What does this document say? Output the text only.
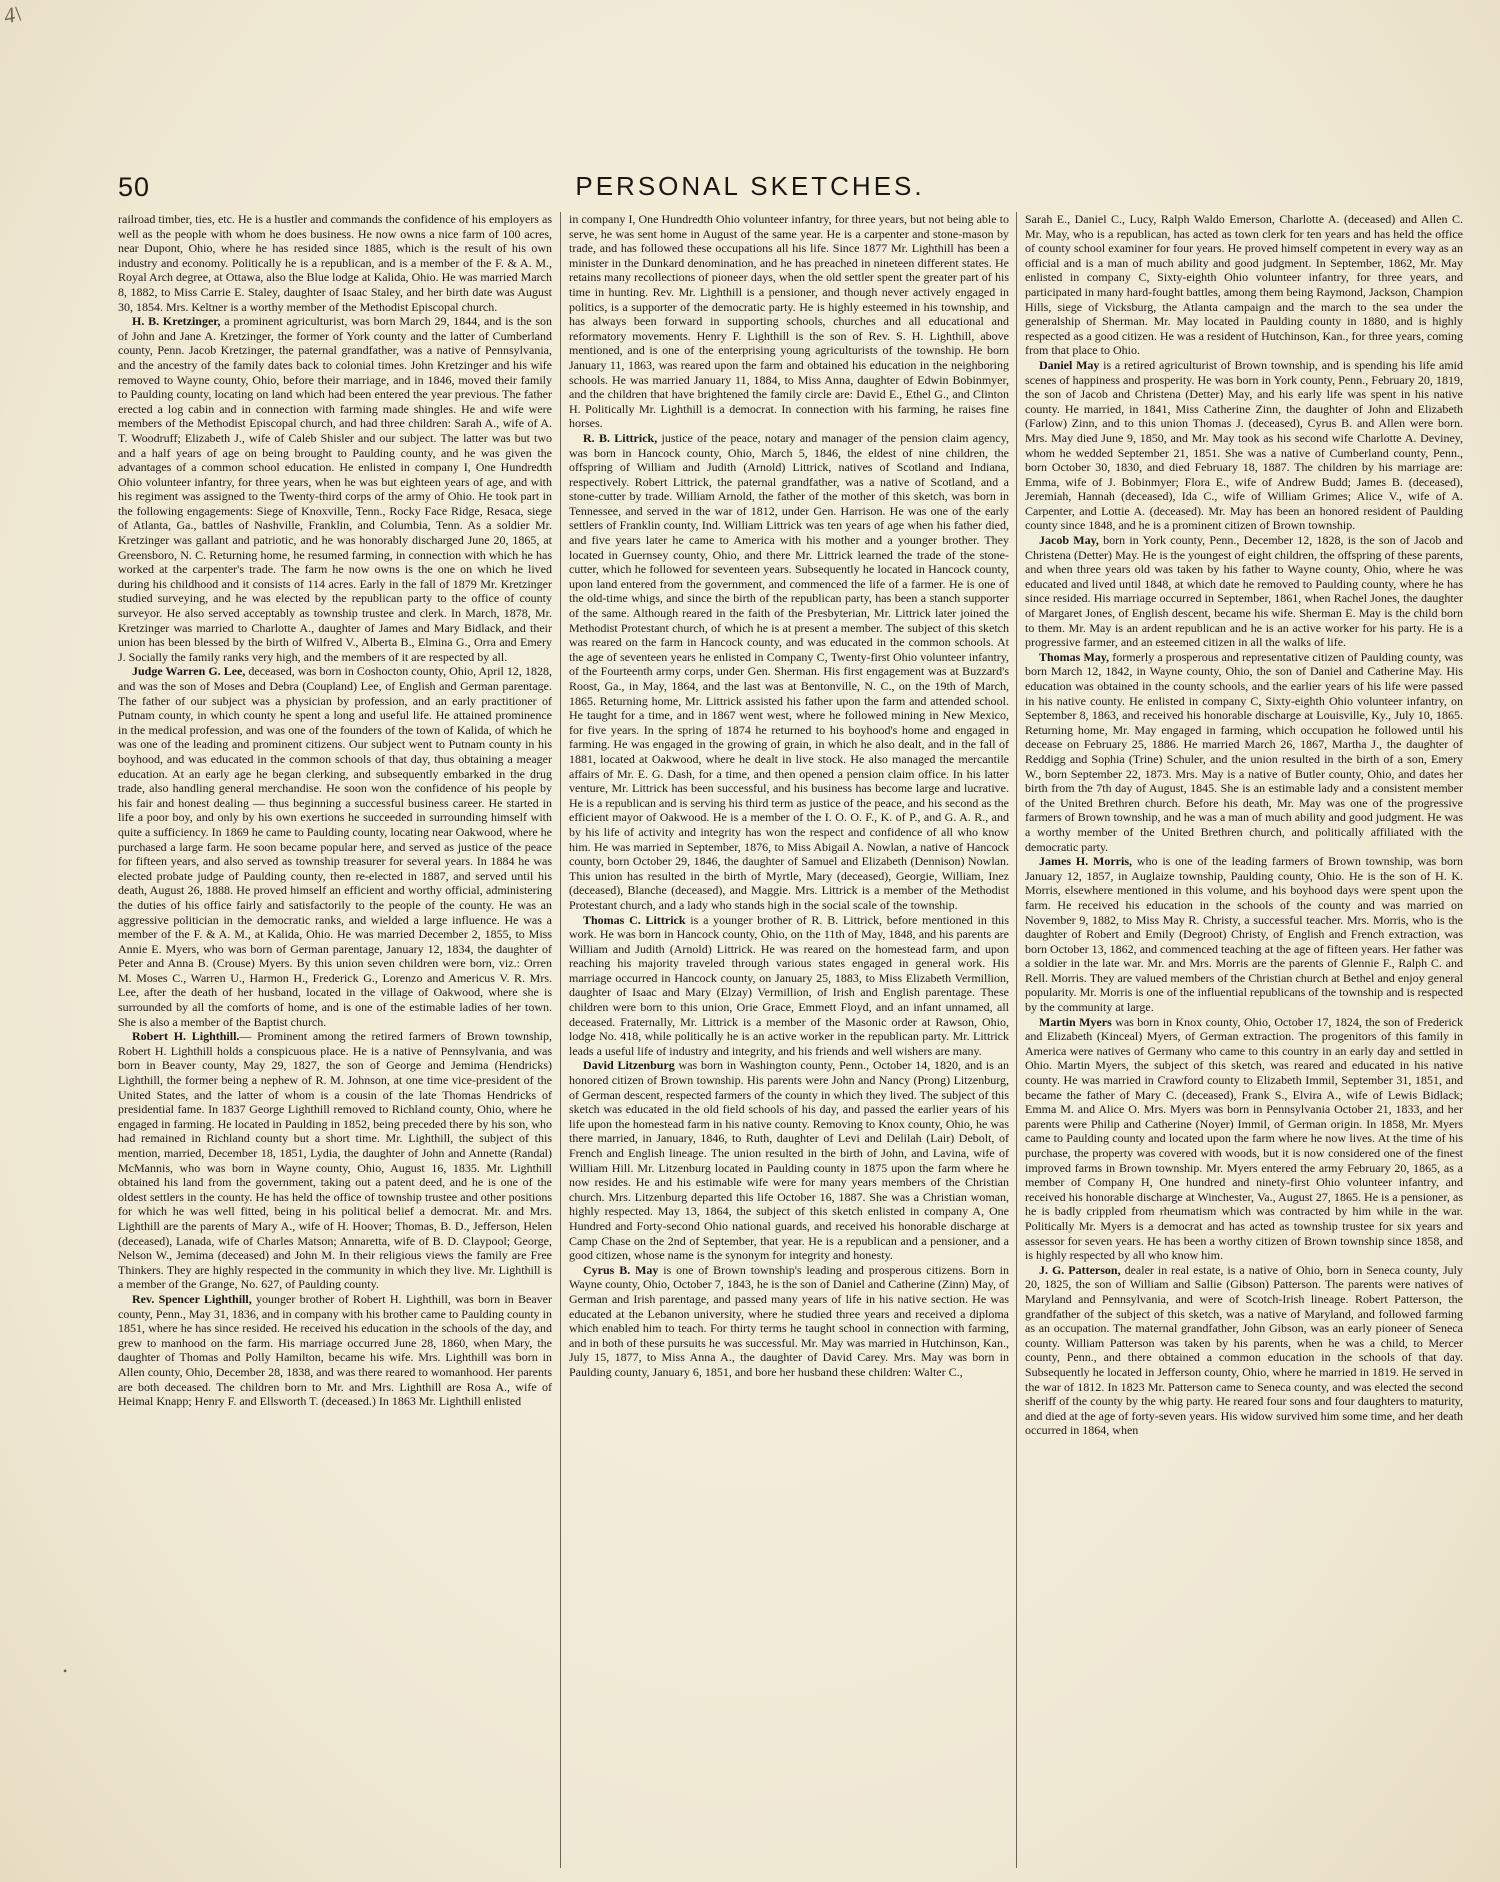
4\
50	PERSONAL SKETCHES.

railroad timber, ties, etc. He is a hustler and commands the confidence of his employers as well as the people with whom he does business. He now owns a nice farm of 100 acres, near Dupont, Ohio, where he has resided since 1885, which is the result of his own industry and economy. Politically he is a republican, and is a member of the F. & A. M., Royal Arch degree, at Ottawa, also the Blue lodge at Kalida, Ohio. He was married March 8, 1882, to Miss Carrie E. Staley, daughter of Isaac Staley, and her birth date was August 30, 1854. Mrs. Keltner is a worthy member of the Methodist Episcopal church.

H. B. Kretzinger, a prominent agriculturist, was born March 29, 1844, and is the son of John and Jane A. Kretzinger, the former of York county and the latter of Cumberland county, Penn. Jacob Kretzinger, the paternal grandfather, was a native of Pennsylvania, and the ancestry of the family dates back to colonial times. John Kretzinger and his wife removed to Wayne county, Ohio, before their marriage, and in 1846, moved their family to Paulding county, locating on land which had been entered the year previous. The father erected a log cabin and in connection with farming made shingles. He and wife were members of the Methodist Episcopal church, and had three children: Sarah A., wife of A. T. Woodruff; Elizabeth J., wife of Caleb Shisler and our subject. The latter was but two and a half years of age on being brought to Paulding county, and he was given the advantages of a common school education. He enlisted in company I, One Hundredth Ohio volunteer infantry, for three years, when he was but eighteen years of age, and with his regiment was assigned to the Twenty-third corps of the army of Ohio. He took part in the following engagements: Siege of Knoxville, Tenn., Rocky Face Ridge, Resaca, siege of Atlanta, Ga., battles of Nashville, Franklin, and Columbia, Tenn. As a soldier Mr. Kretzinger was gallant and patriotic, and he was honorably discharged June 20, 1865, at Greensboro, N. C. Returning home, he resumed farming, in connection with which he has worked at the carpenter's trade. The farm he now owns is the one on which he lived during his childhood and it consists of 114 acres. Early in the fall of 1879 Mr. Kretzinger studied surveying, and he was elected by the republican party to the office of county surveyor. He also served acceptably as township trustee and clerk. In March, 1878, Mr. Kretzinger was married to Charlotte A., daughter of James and Mary Bidlack, and their union has been blessed by the birth of Wilfred V., Alberta B., Elmina G., Orra and Emery J. Socially the family ranks very high, and the members of it are respected by all.

Judge Warren G. Lee, deceased, was born in Coshocton county, Ohio, April 12, 1828, and was the son of Moses and Debra (Coupland) Lee, of English and German parentage. The father of our subject was a physician by profession, and an early practitioner of Putnam county, in which county he spent a long and useful life. He attained prominence in the medical profession, and was one of the founders of the town of Kalida, of which he was one of the leading and prominent citizens. Our subject went to Putnam county in his boyhood, and was educated in the common schools of that day, thus obtaining a meager education. At an early age he began clerking, and subsequently embarked in the drug trade, also handling general merchandise. He soon won the confidence of his people by his fair and honest dealing — thus beginning a successful business career. He started in life a poor boy, and only by his own exertions he succeeded in surrounding himself with quite a sufficiency. In 1869 he came to Paulding county, locating near Oakwood, where he purchased a large farm. He soon became popular here, and served as justice of the peace for fifteen years, and also served as township treasurer for several years. In 1884 he was elected probate judge of Paulding county, then re-elected in 1887, and served until his death, August 26, 1888. He proved himself an efficient and worthy official, administering the duties of his office fairly and satisfactorily to the people of the county. He was an aggressive politician in the democratic ranks, and wielded a large influence. He was a member of the F. & A. M., at Kalida, Ohio. He was married December 2, 1855, to Miss Annie E. Myers, who was born of German parentage, January 12, 1834, the daughter of Peter and Anna B. (Crouse) Myers. By this union seven children were born, viz.: Orren M. Moses C., Warren U., Harmon H., Frederick G., Lorenzo and Americus V. R. Mrs. Lee, after the death of her husband, located in the village of Oakwood, where she is surrounded by all the comforts of home, and is one of the estimable ladies of her town. She is also a member of the Baptist church.

Robert H. Lighthill.— Prominent among the retired farmers of Brown township, Robert H. Lighthill holds a conspicuous place. He is a native of Pennsylvania, and was born in Beaver county, May 29, 1827, the son of George and Jemima (Hendricks) Lighthill, the former being a nephew of R. M. Johnson, at one time vice-president of the United States, and the latter of whom is a cousin of the late Thomas Hendricks of presidential fame. In 1837 George Lighthill removed to Richland county, Ohio, where he engaged in farming. He located in Paulding in 1852, being preceded there by his son, who had remained in Richland county but a short time. Mr. Lighthill, the subject of this mention, married, December 18, 1851, Lydia, the daughter of John and Annette (Randal) McMannis, who was born in Wayne county, Ohio, August 16, 1835. Mr. Lighthill obtained his land from the government, taking out a patent deed, and he is one of the oldest settlers in the county. He has held the office of township trustee and other positions for which he was well fitted, being in his political belief a democrat. Mr. and Mrs. Lighthill are the parents of Mary A., wife of H. Hoover; Thomas, B. D., Jefferson, Helen (deceased), Lanada, wife of Charles Matson; Annaretta, wife of B. D. Claypool; George, Nelson W., Jemima (deceased) and John M. In their religious views the family are Free Thinkers. They are highly respected in the community in which they live. Mr. Lighthill is a member of the Grange, No. 627, of Paulding county.

Rev. Spencer Lighthill, younger brother of Robert H. Lighthill, was born in Beaver county, Penn., May 31, 1836, and in company with his brother came to Paulding county in 1851, where he has since resided. He received his education in the schools of the day, and grew to manhood on the farm. His marriage occurred June 28, 1860, when Mary, the daughter of Thomas and Polly Hamilton, became his wife. Mrs. Lighthill was born in Allen county, Ohio, December 28, 1838, and was there reared to womanhood. Her parents are both deceased. The children born to Mr. and Mrs. Lighthill are Rosa A., wife of Heimal Knapp; Henry F. and Ellsworth T. (deceased.) In 1863 Mr. Lighthill enlisted

in company I, One Hundredth Ohio volunteer infantry, for three years, but not being able to serve, he was sent home in August of the same year. He is a carpenter and stone-mason by trade, and has followed these occupations all his life. Since 1877 Mr. Lighthill has been a minister in the Dunkard denomination, and he has preached in nineteen different states. He retains many recollections of pioneer days, when the old settler spent the greater part of his time in hunting. Rev. Mr. Lighthill is a pensioner, and though never actively engaged in politics, is a supporter of the democratic party. He is highly esteemed in his township, and has always been forward in supporting schools, churches and all educational and reformatory movements. Henry F. Lighthill is the son of Rev. S. H. Lighthill, above mentioned, and is one of the enterprising young agriculturists of the township. He born January 11, 1863, was reared upon the farm and obtained his education in the neighboring schools. He was married January 11, 1884, to Miss Anna, daughter of Edwin Bobinmyer, and the children that have brightened the family circle are: David E., Ethel G., and Clinton H. Politically Mr. Lighthill is a democrat. In connection with his farming, he raises fine horses.

R. B. Littrick, justice of the peace, notary and manager of the pension claim agency, was born in Hancock county, Ohio, March 5, 1846, the eldest of nine children, the offspring of William and Judith (Arnold) Littrick, natives of Scotland and Indiana, respectively. Robert Littrick, the paternal grandfather, was a native of Scotland, and a stone-cutter by trade. William Arnold, the father of the mother of this sketch, was born in Tennessee, and served in the war of 1812, under Gen. Harrison. He was one of the early settlers of Franklin county, Ind. William Littrick was ten years of age when his father died, and five years later he came to America with his mother and a younger brother. They located in Guernsey county, Ohio, and there Mr. Littrick learned the trade of the stone-cutter, which he followed for seventeen years. Subsequently he located in Hancock county, upon land entered from the government, and commenced the life of a farmer. He is one of the old-time whigs, and since the birth of the republican party, has been a stanch supporter of the same. Although reared in the faith of the Presbyterian, Mr. Littrick later joined the Methodist Protestant church, of which he is at present a member. The subject of this sketch was reared on the farm in Hancock county, and was educated in the common schools. At the age of seventeen years he enlisted in Company C, Twenty-first Ohio volunteer infantry, of the Fourteenth army corps, under Gen. Sherman. His first engagement was at Buzzard's Roost, Ga., in May, 1864, and the last was at Bentonville, N. C., on the 19th of March, 1865. Returning home, Mr. Littrick assisted his father upon the farm and attended school. He taught for a time, and in 1867 went west, where he followed mining in New Mexico, for five years. In the spring of 1874 he returned to his boyhood's home and engaged in farming. He was engaged in the growing of grain, in which he also dealt, and in the fall of 1881, located at Oakwood, where he dealt in live stock. He also managed the mercantile affairs of Mr. E. G. Dash, for a time, and then opened a pension claim office. In his latter venture, Mr. Littrick has been successful, and his business has become large and lucrative. He is a republican and is serving his third term as justice of the peace, and his second as the efficient mayor of Oakwood. He is a member of the I. O. O. F., K. of P., and G. A. R., and by his life of activity and integrity has won the respect and confidence of all who know him. He was married in September, 1876, to Miss Abigail A. Nowlan, a native of Hancock county, born October 29, 1846, the daughter of Samuel and Elizabeth (Dennison) Nowlan. This union has resulted in the birth of Myrtle, Mary (deceased), Georgie, William, Inez (deceased), Blanche (deceased), and Maggie. Mrs. Littrick is a member of the Methodist Protestant church, and a lady who stands high in the social scale of the township.

Thomas C. Littrick is a younger brother of R. B. Littrick, before mentioned in this work. He was born in Hancock county, Ohio, on the 11th of May, 1848, and his parents are William and Judith (Arnold) Littrick. He was reared on the homestead farm, and upon reaching his majority traveled through various states engaged in general work. His marriage occurred in Hancock county, on January 25, 1883, to Miss Elizabeth Vermillion, daughter of Isaac and Mary (Elzay) Vermillion, of Irish and English parentage. These children were born to this union, Orie Grace, Emmett Floyd, and an infant unnamed, all deceased. Fraternally, Mr. Littrick is a member of the Masonic order at Rawson, Ohio, lodge No. 418, while politically he is an active worker in the republican party. Mr. Littrick leads a useful life of industry and integrity, and his friends and well wishers are many.

David Litzenburg was born in Washington county, Penn., October 14, 1820, and is an honored citizen of Brown township. His parents were John and Nancy (Prong) Litzenburg, of German descent, respected farmers of the county in which they lived. The subject of this sketch was educated in the old field schools of his day, and passed the earlier years of his life upon the homestead farm in his native county. Removing to Knox county, Ohio, he was there married, in January, 1846, to Ruth, daughter of Levi and Delilah (Lair) Debolt, of French and English lineage. The union resulted in the birth of John, and Lavina, wife of William Hill. Mr. Litzenburg located in Paulding county in 1875 upon the farm where he now resides. He and his estimable wife were for many years members of the Christian church. Mrs. Litzenburg departed this life October 16, 1887. She was a Christian woman, highly respected. May 13, 1864, the subject of this sketch enlisted in company A, One Hundred and Forty-second Ohio national guards, and received his honorable discharge at Camp Chase on the 2nd of September, that year. He is a republican and a pensioner, and a good citizen, whose name is the synonym for integrity and honesty.

Cyrus B. May is one of Brown township's leading and prosperous citizens. Born in Wayne county, Ohio, October 7, 1843, he is the son of Daniel and Catherine (Zinn) May, of German and Irish parentage, and passed many years of life in his native section. He was educated at the Lebanon university, where he studied three years and received a diploma which enabled him to teach. For thirty terms he taught school in connection with farming, and in both of these pursuits he was successful. Mr. May was married in Hutchinson, Kan., July 15, 1877, to Miss Anna A., the daughter of David Carey. Mrs. May was born in Paulding county, January 6, 1851, and bore her husband these children: Walter C.,

Sarah E., Daniel C., Lucy, Ralph Waldo Emerson, Charlotte A. (deceased) and Allen C. Mr. May, who is a republican, has acted as town clerk for ten years and has held the office of county school examiner for four years. He proved himself competent in every way as an official and is a man of much ability and good judgment. In September, 1862, Mr. May enlisted in company C, Sixty-eighth Ohio volunteer infantry, for three years, and participated in many hard-fought battles, among them being Raymond, Jackson, Champion Hills, siege of Vicksburg, the Atlanta campaign and the march to the sea under the generalship of Sherman. Mr. May located in Paulding county in 1880, and is highly respected as a good citizen. He was a resident of Hutchinson, Kan., for three years, coming from that place to Ohio.

Daniel May is a retired agriculturist of Brown township, and is spending his life amid scenes of happiness and prosperity. He was born in York county, Penn., February 20, 1819, the son of Jacob and Christena (Detter) May, and his early life was spent in his native county. He married, in 1841, Miss Catherine Zinn, the daughter of John and Elizabeth (Farlow) Zinn, and to this union Thomas J. (deceased), Cyrus B. and Allen were born. Mrs. May died June 9, 1850, and Mr. May took as his second wife Charlotte A. Deviney, whom he wedded September 21, 1851. She was a native of Cumberland county, Penn., born October 30, 1830, and died February 18, 1887. The children by his marriage are: Emma, wife of J. Bobinmyer; Flora E., wife of Andrew Budd; James B. (deceased), Jeremiah, Hannah (deceased), Ida C., wife of William Grimes; Alice V., wife of A. Carpenter, and Lottie A. (deceased). Mr. May has been an honored resident of Paulding county since 1848, and he is a prominent citizen of Brown township.

Jacob May, born in York county, Penn., December 12, 1828, is the son of Jacob and Christena (Detter) May. He is the youngest of eight children, the offspring of these parents, and when three years old was taken by his father to Wayne county, Ohio, where he was educated and lived until 1848, at which date he removed to Paulding county, where he has since resided. His marriage occurred in September, 1861, when Rachel Jones, the daughter of Margaret Jones, of English descent, became his wife. Sherman E. May is the child born to them. Mr. May is an ardent republican and he is an active worker for his party. He is a progressive farmer, and an esteemed citizen in all the walks of life.

Thomas May, formerly a prosperous and representative citizen of Paulding county, was born March 12, 1842, in Wayne county, Ohio, the son of Daniel and Catherine May. His education was obtained in the county schools, and the earlier years of his life were passed in his native county. He enlisted in company C, Sixty-eighth Ohio volunteer infantry, on September 8, 1863, and received his honorable discharge at Louisville, Ky., July 10, 1865. Returning home, Mr. May engaged in farming, which occupation he followed until his decease on February 25, 1886. He married March 26, 1867, Martha J., the daughter of Reddigg and Sophia (Trine) Schuler, and the union resulted in the birth of a son, Emery W., born September 22, 1873. Mrs. May is a native of Butler county, Ohio, and dates her birth from the 7th day of August, 1845. She is an estimable lady and a consistent member of the United Brethren church. Before his death, Mr. May was one of the progressive farmers of Brown township, and he was a man of much ability and good judgment. He was a worthy member of the United Brethren church, and politically affiliated with the democratic party.

James H. Morris, who is one of the leading farmers of Brown township, was born January 12, 1857, in Auglaize township, Paulding county, Ohio. He is the son of H. K. Morris, elsewhere mentioned in this volume, and his boyhood days were spent upon the farm. He received his education in the schools of the county and was married on November 9, 1882, to Miss May R. Christy, a successful teacher. Mrs. Morris, who is the daughter of Robert and Emily (Degroot) Christy, of English and French extraction, was born October 13, 1862, and commenced teaching at the age of fifteen years. Her father was a soldier in the late war. Mr. and Mrs. Morris are the parents of Glennie F., Ralph C. and Rell. Morris. They are valued members of the Christian church at Bethel and enjoy general popularity. Mr. Morris is one of the influential republicans of the township and is respected by the community at large.

Martin Myers was born in Knox county, Ohio, October 17, 1824, the son of Frederick and Elizabeth (Kinceal) Myers, of German extraction. The progenitors of this family in America were natives of Germany who came to this country in an early day and settled in Ohio. Martin Myers, the subject of this sketch, was reared and educated in his native county. He was married in Crawford county to Elizabeth Immil, September 31, 1851, and became the father of Mary C. (deceased), Frank S., Elvira A., wife of Lewis Bidlack; Emma M. and Alice O. Mrs. Myers was born in Pennsylvania October 21, 1833, and her parents were Philip and Catherine (Noyer) Immil, of German origin. In 1858, Mr. Myers came to Paulding county and located upon the farm where he now lives. At the time of his purchase, the property was covered with woods, but it is now considered one of the finest improved farms in Brown township. Mr. Myers entered the army February 20, 1865, as a member of Company H, One hundred and ninety-first Ohio volunteer infantry, and received his honorable discharge at Winchester, Va., August 27, 1865. He is a pensioner, as he is badly crippled from rheumatism which was contracted by him while in the war. Politically Mr. Myers is a democrat and has acted as township trustee for six years and assessor for seven years. He has been a worthy citizen of Brown township since 1858, and is highly respected by all who know him.

J. G. Patterson, dealer in real estate, is a native of Ohio, born in Seneca county, July 20, 1825, the son of William and Sallie (Gibson) Patterson. The parents were natives of Maryland and Pennsylvania, and were of Scotch-Irish lineage. Robert Patterson, the grandfather of the subject of this sketch, was a native of Maryland, and followed farming as an occupation. The maternal grandfather, John Gibson, was an early pioneer of Seneca county. William Patterson was taken by his parents, when he was a child, to Mercer county, Penn., and there obtained a common education in the schools of that day. Subsequently he located in Jefferson county, Ohio, where he married in 1819. He served in the war of 1812. In 1823 Mr. Patterson came to Seneca county, and was elected the second sheriff of the county by the whig party. He reared four sons and four daughters to maturity, and died at the age of forty-seven years. His widow survived him some time, and her death occurred in 1864, when

•
